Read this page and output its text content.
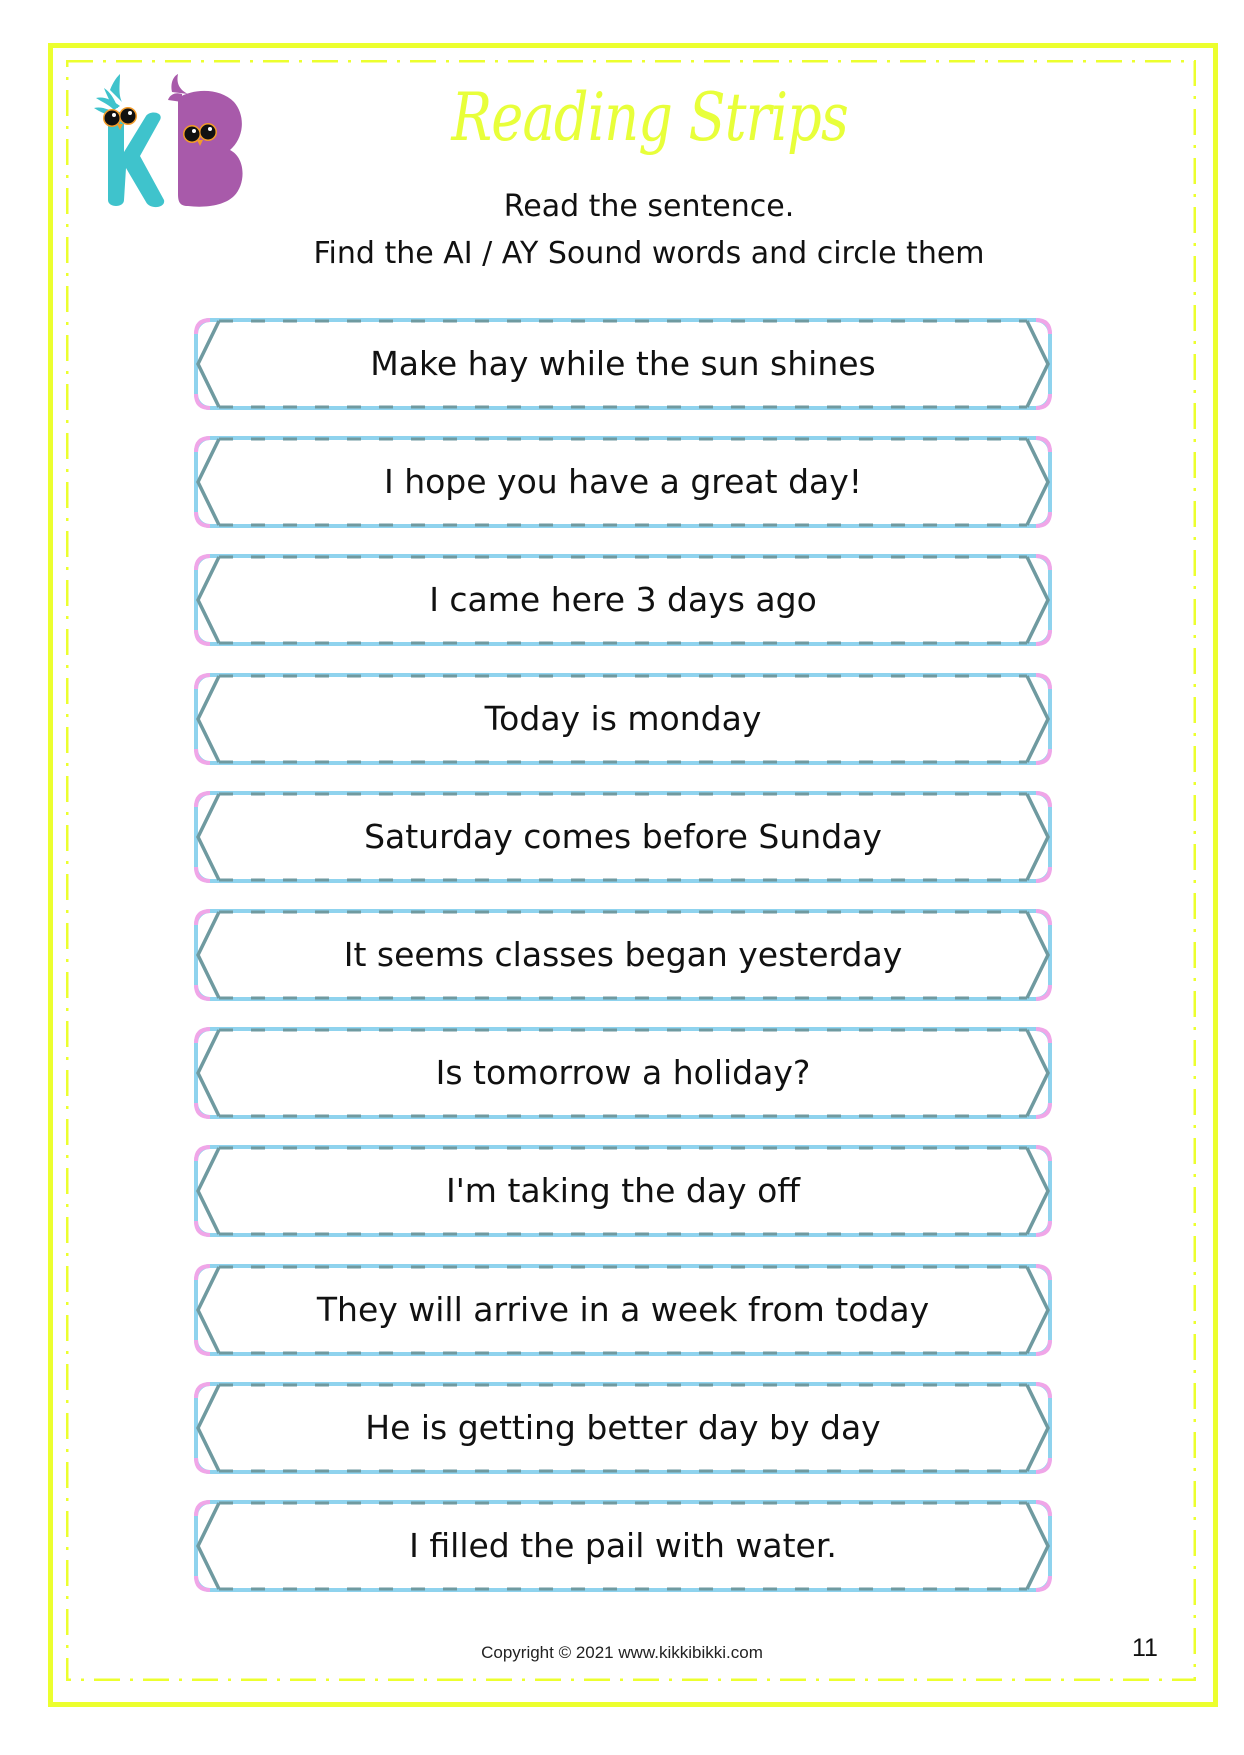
Reading Strips
Read the sentence.
Find the AI / AY Sound words and circle them
Make hay while the sun shines
I hope you have a great day!
I came here 3 days ago
Today is monday
Saturday comes before Sunday
It seems classes began yesterday
Is tomorrow a holiday?
I'm taking the day off
They will arrive in a week from today
He is getting better day by day
I filled the pail with water.
Copyright © 2021 www.kikkibikki.com	11
